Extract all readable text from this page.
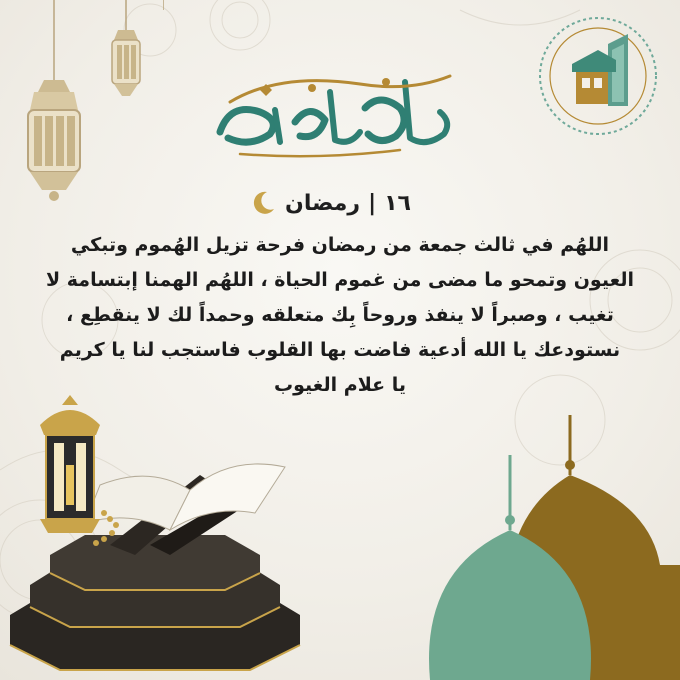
١٦
|
رمضان
اللهُم في ثالث جمعة من رمضان فرحة تزيل الهُموم وتبكي
العيون وتمحو ما مضى من غموم الحياة ، اللهُم الهمنا إبتسامة لا
تغيب ، وصبراً لا ينفذ وروحاً بِك متعلقه وحمداً لك لا ينقطِع ،
نستودعك يا الله أدعية فاضت بها القلوب فاستجب لنا يا كريم
يا علام الغيوب
